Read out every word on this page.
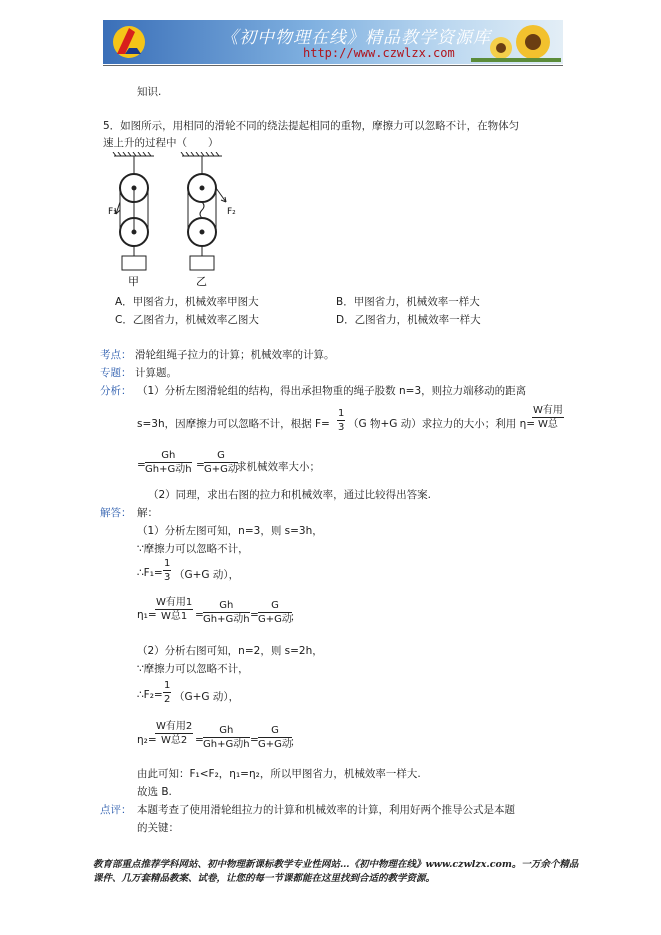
《初中物理在线》精品教学资源库
http://www.czwlzx.com
知识.
5．如图所示，用相同的滑轮不同的绕法提起相同的重物，摩擦力可以忽略不计，在物体匀
速上升的过程中（　　）
F₁	F₂
甲	乙
A．甲图省力，机械效率甲图大	B．甲图省力，机械效率一样大
C．乙图省力，机械效率乙图大	D．乙图省力，机械效率一样大
考点： 滑轮组绳子拉力的计算；机械效率的计算。
专题： 计算题。
分析： （1）分析左图滑轮组的结构，得出承担物重的绳子股数 n=3，则拉力端移动的距离
s=3h，因摩擦力可以忽略不计，根据 $F= \frac{1}{3} (G$ 物+G 动）求拉力的大小；利用 η=
W有用
W总
=
Gh
Gh+G动h =
G
G+G动
求机械效率大小；
（2）同理，求出右图的拉力和机械效率，通过比较得出答案.
解答： 解：
（1）分析左图可知，n=3，则 s=3h，
∵摩擦力可以忽略不计，
∴F₁= $\frac{1}{3} (G+G$ 动），
η₁=
W有用1
W总1 =
Gh
Gh+G动h =
G
G+G动
；
（2）分析右图可知，n=2，则 s=2h，
∵摩擦力可以忽略不计，
∴F₂= $\frac{1}{2} (G+G$ 动），
η₂=
W有用2
W总2 =
Gh
Gh+G动h =
G
G+G动
；
由此可知：F₁<F₂，η₁=η₂，所以甲图省力，机械效率一样大.
故选 B.
点评： 本题考查了使用滑轮组拉力的计算和机械效率的计算，利用好两个推导公式是本题
的关键：
教育部重点推荐学科网站、初中物理新课标教学专业性网站…《初中物理在线》www.czwlzx.com。一万余个精品课件、几万套精品教案、试卷，让您的每一节课都能在这里找到合适的教学资源。
